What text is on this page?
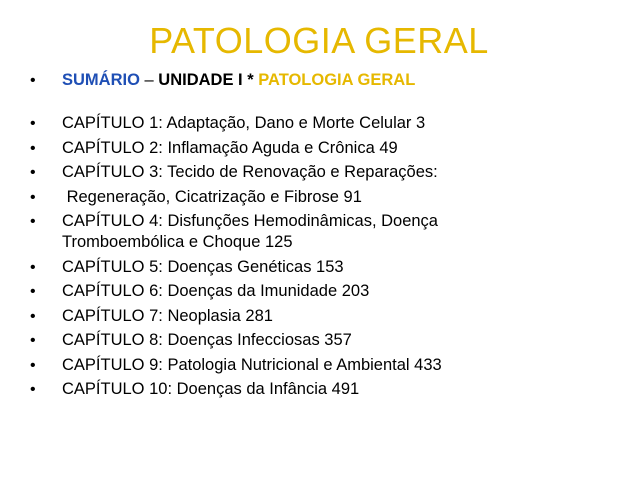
PATOLOGIA GERAL
•	SUMÁRIO – UNIDADE I * PATOLOGIA GERAL
•	CAPÍTULO 1: Adaptação, Dano e Morte Celular 3
•	CAPÍTULO 2: Inflamação Aguda e Crônica 49
•	CAPÍTULO 3: Tecido de Renovação e Reparações:
•	Regeneração, Cicatrização e Fibrose 91
•	CAPÍTULO 4: Disfunções Hemodinâmicas, Doença Tromboembólica e Choque 125
•	CAPÍTULO 5: Doenças Genéticas 153
•	CAPÍTULO 6: Doenças da Imunidade 203
•	CAPÍTULO 7: Neoplasia 281
•	CAPÍTULO 8: Doenças Infecciosas 357
•	CAPÍTULO 9: Patologia Nutricional e Ambiental 433
•	CAPÍTULO 10: Doenças da Infância 491
